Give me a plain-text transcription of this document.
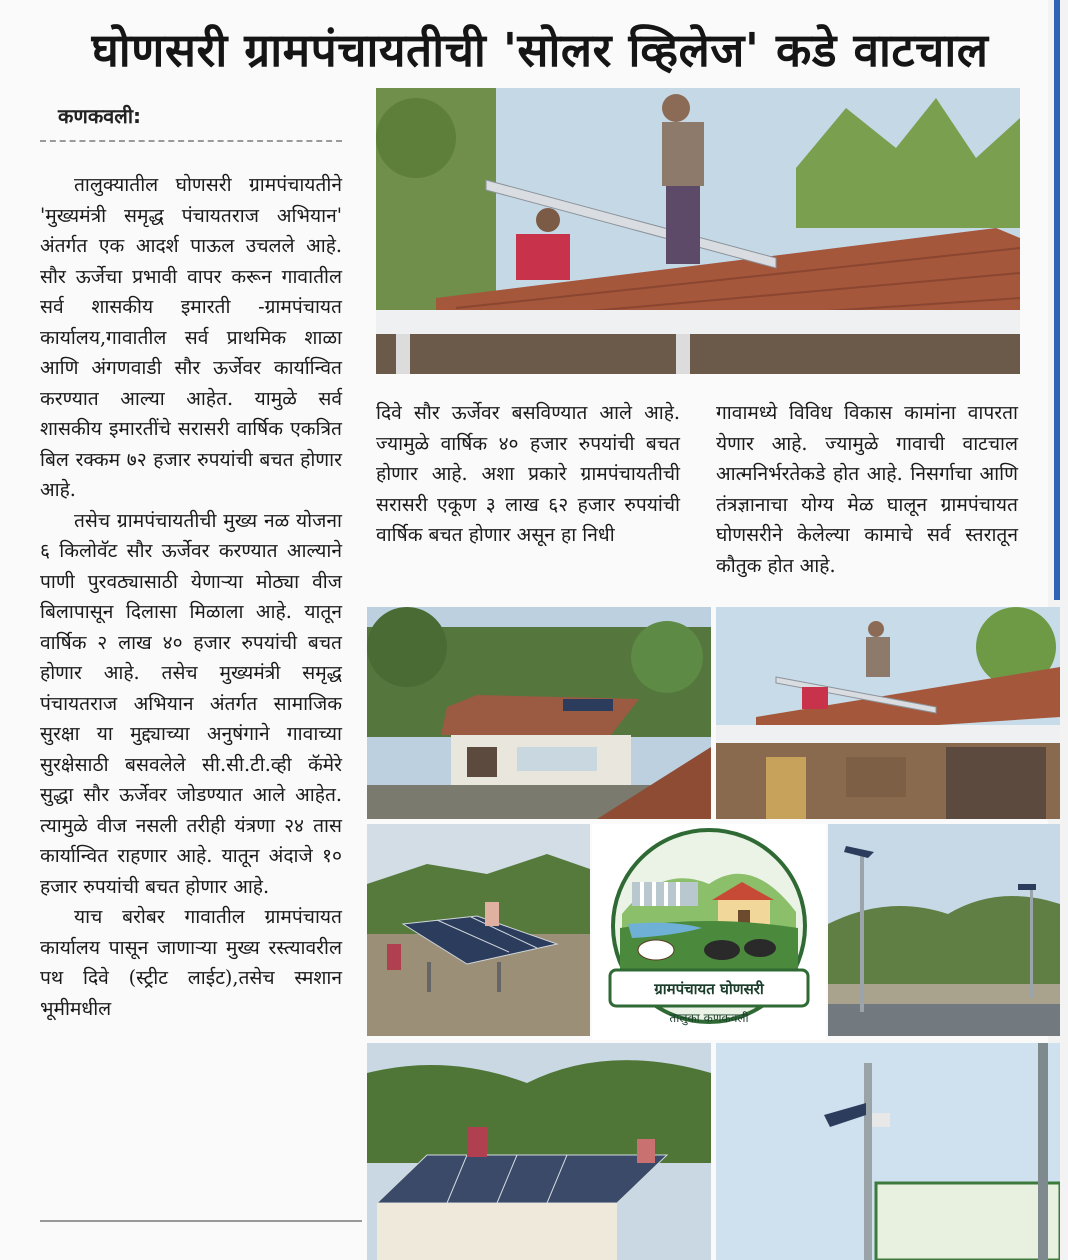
घोणसरी ग्रामपंचायतीची 'सोलर व्हिलेज' कडे वाटचाल
कणकवली:

तालुक्यातील घोणसरी ग्रामपंचायतीने 'मुख्यमंत्री समृद्ध पंचायतराज अभियान' अंतर्गत एक आदर्श पाऊल उचलले आहे. सौर ऊर्जेचा प्रभावी वापर करून गावातील सर्व शासकीय इमारती -ग्रामपंचायत कार्यालय,गावातील सर्व प्राथमिक शाळा आणि अंगणवाडी सौर ऊर्जेवर कार्यान्वित करण्यात आल्या आहेत. यामुळे सर्व शासकीय इमारतींचे सरासरी वार्षिक एकत्रित बिल रक्कम ७२ हजार रुपयांची बचत होणार आहे.

तसेच ग्रामपंचायतीची मुख्य नळ योजना ६ किलोवॅट सौर ऊर्जेवर करण्यात आल्याने पाणी पुरवठ्यासाठी येणाऱ्या मोठ्या वीज बिलापासून दिलासा मिळाला आहे. यातून वार्षिक २ लाख ४० हजार रुपयांची बचत होणार आहे. तसेच मुख्यमंत्री समृद्ध पंचायतराज अभियान अंतर्गत सामाजिक सुरक्षा या मुद्द्याच्या अनुषंगाने गावाच्या सुरक्षेसाठी बसवलेले सी.सी.टी.व्ही कॅमेरे सुद्धा सौर ऊर्जेवर जोडण्यात आले आहेत. त्यामुळे वीज नसली तरीही यंत्रणा २४ तास कार्यान्वित राहणार आहे. यातून अंदाजे १० हजार रुपयांची बचत होणार आहे.

याच बरोबर गावातील ग्रामपंचायत कार्यालय पासून जाणाऱ्या मुख्य रस्त्यावरील पथ दिवे (स्ट्रीट लाईट),तसेच स्मशान भूमीमधील

दिवे सौर ऊर्जेवर बसविण्यात आले आहे. ज्यामुळे वार्षिक ४० हजार रुपयांची बचत होणार आहे. अशा प्रकारे ग्रामपंचायतीची सरासरी एकूण ३ लाख ६२ हजार रुपयांची वार्षिक बचत होणार असून हा निधी

गावामध्ये विविध विकास कामांना वापरता येणार आहे. ज्यामुळे गावाची वाटचाल आत्मनिर्भरतेकडे होत आहे. निसर्गाचा आणि तंत्रज्ञानाचा योग्य मेळ घालून ग्रामपंचायत घोणसरीने केलेल्या कामाचे सर्व स्तरातून कौतुक होत आहे.

ग्रामपंचायत घोणसरी
तालुका कणकवली
